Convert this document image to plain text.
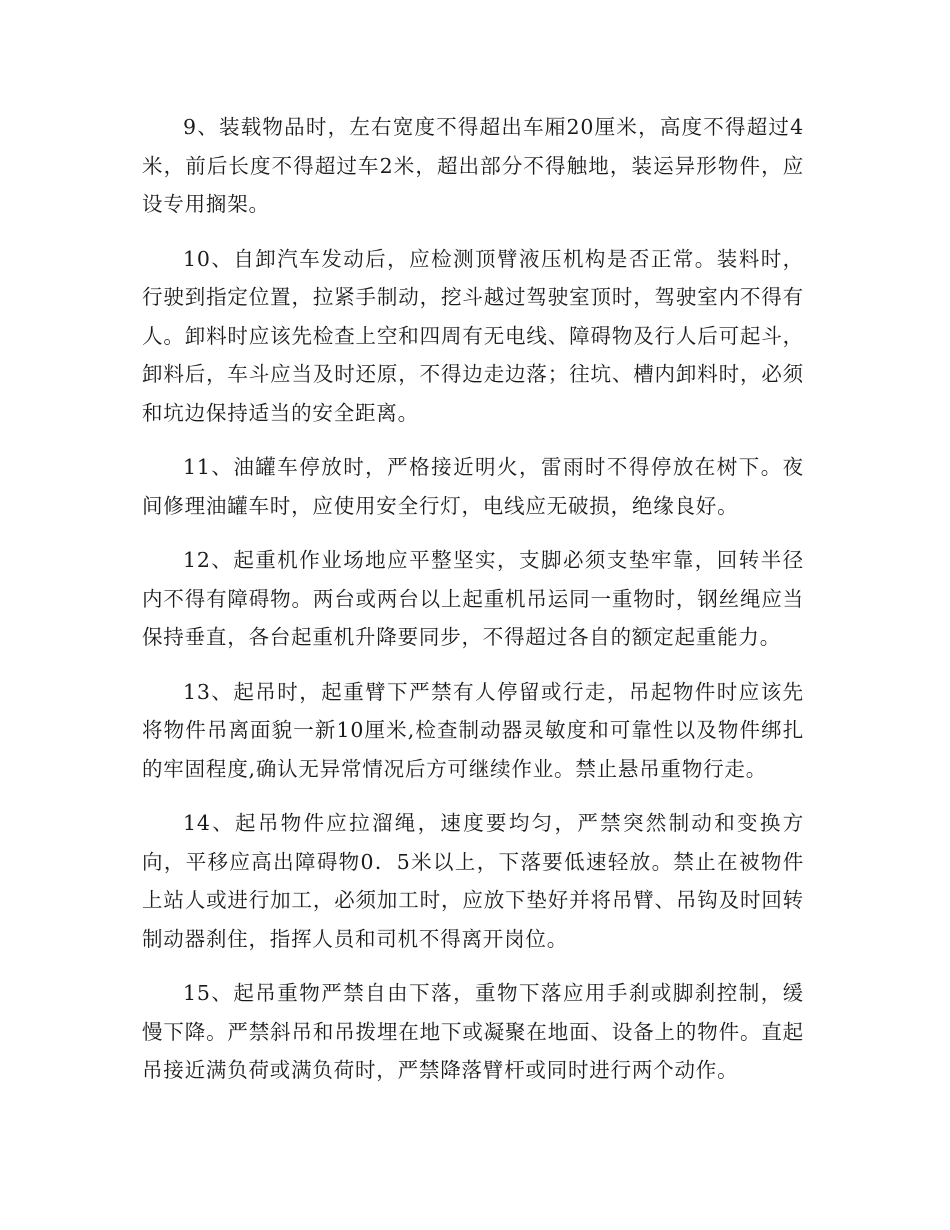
9、装载物品时，左右宽度不得超出车厢20厘米，高度不得超过4米，前后长度不得超过车2米，超出部分不得触地，装运异形物件，应设专用搁架。

10、自卸汽车发动后，应检测顶臂液压机构是否正常。装料时，行驶到指定位置，拉紧手制动，挖斗越过驾驶室顶时，驾驶室内不得有人。卸料时应该先检查上空和四周有无电线、障碍物及行人后可起斗，卸料后，车斗应当及时还原，不得边走边落；往坑、槽内卸料时，必须和坑边保持适当的安全距离。

11、油罐车停放时，严格接近明火，雷雨时不得停放在树下。夜间修理油罐车时，应使用安全行灯，电线应无破损，绝缘良好。

12、起重机作业场地应平整坚实，支脚必须支垫牢靠，回转半径内不得有障碍物。两台或两台以上起重机吊运同一重物时，钢丝绳应当保持垂直，各台起重机升降要同步，不得超过各自的额定起重能力。

13、起吊时，起重臂下严禁有人停留或行走，吊起物件时应该先将物件吊离面貌一新10厘米,检查制动器灵敏度和可靠性以及物件绑扎的牢固程度,确认无异常情况后方可继续作业。禁止悬吊重物行走。

14、起吊物件应拉溜绳，速度要均匀，严禁突然制动和变换方向，平移应高出障碍物0．5米以上，下落要低速轻放。禁止在被物件上站人或进行加工，必须加工时，应放下垫好并将吊臂、吊钩及时回转制动器刹住，指挥人员和司机不得离开岗位。

15、起吊重物严禁自由下落，重物下落应用手刹或脚刹控制，缓慢下降。严禁斜吊和吊拨埋在地下或凝聚在地面、设备上的物件。直起吊接近满负荷或满负荷时，严禁降落臂杆或同时进行两个动作。
